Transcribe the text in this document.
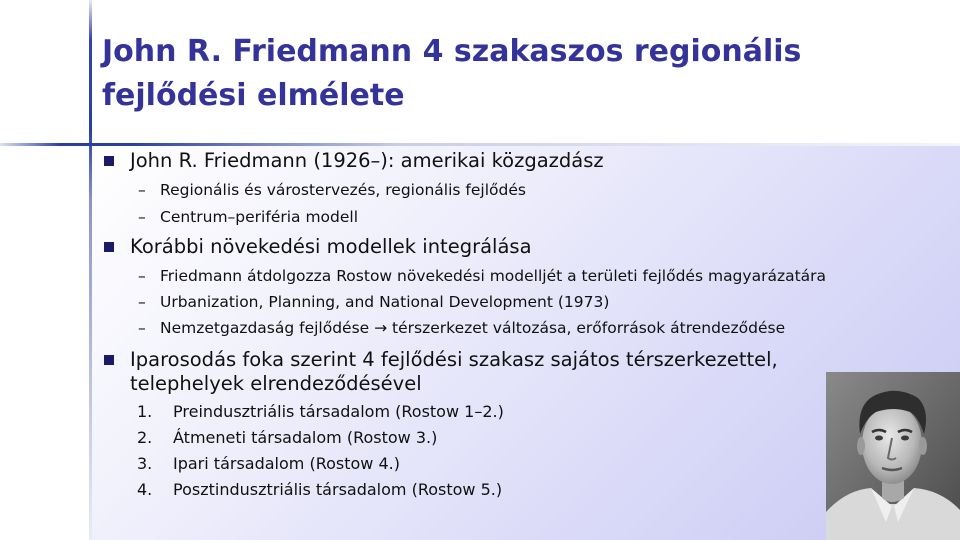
John R. Friedmann 4 szakaszos regionális fejlődési elmélete

John R. Friedmann (1926–): amerikai közgazdász

– Regionális és várostervezés, regionális fejlődés
– Centrum–periféria modell

Korábbi növekedési modellek integrálása

– Friedmann átdolgozza Rostow növekedési modelljét a területi fejlődés magyarázatára
– Urbanization, Planning, and National Development (1973)
– Nemzetgazdaság fejlődése → térszerkezet változása, erőforrások átrendeződése

Iparosodás foka szerint 4 fejlődési szakasz sajátos térszerkezettel,

telephelyek elrendeződésével

1. Preindusztriális társadalom (Rostow 1–2.)
2. Átmeneti társadalom (Rostow 3.)
3. Ipari társadalom (Rostow 4.)
4. Posztindusztriális társadalom (Rostow 5.)
